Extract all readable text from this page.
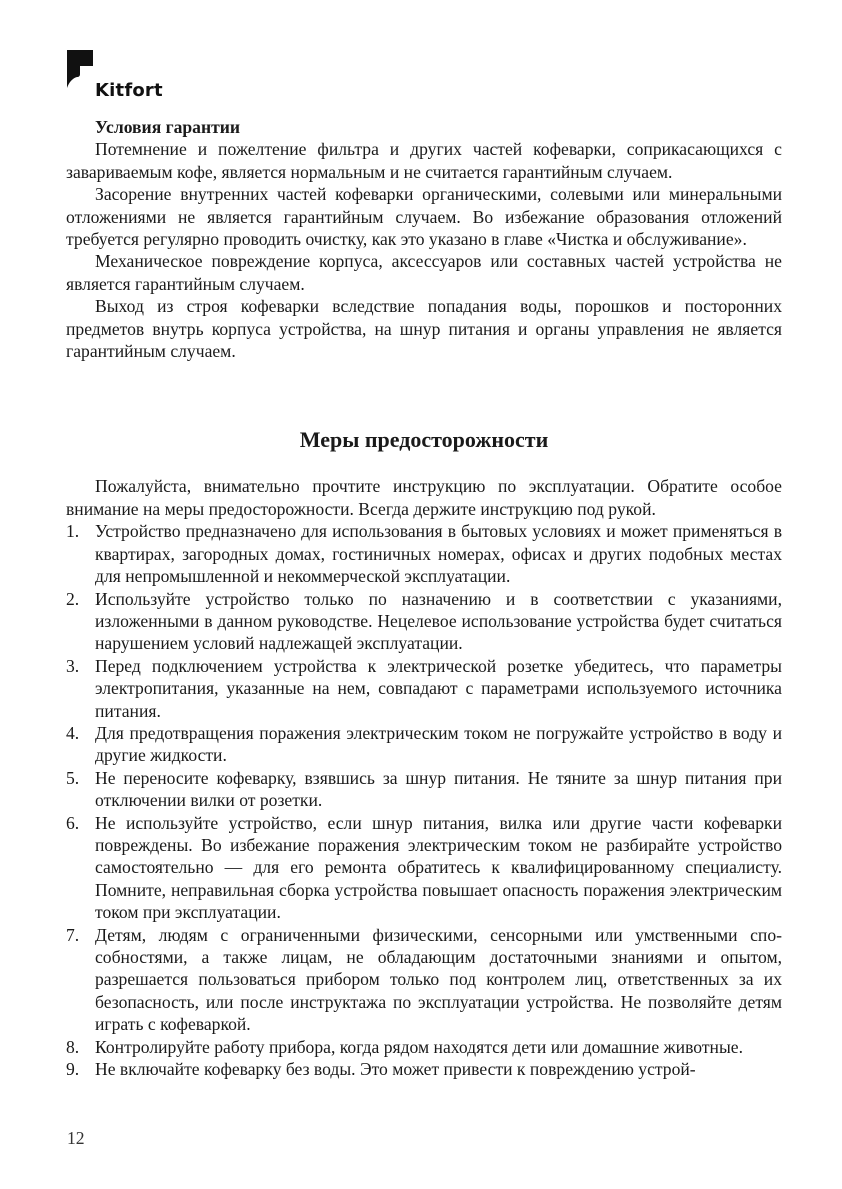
Kitfort
Условия гарантии

Потемнение и пожелтение фильтра и других частей кофеварки, соприкасающихся с завариваемым кофе, является нормальным и не считается гарантийным случаем.

Засорение внутренних частей кофеварки органическими, солевыми или минеральными отложениями не является гарантийным случаем. Во избежание образования отложений требуется регулярно проводить очистку, как это указано в главе «Чистка и обслуживание».

Механическое повреждение корпуса, аксессуаров или составных частей устройства не является гарантийным случаем.

Выход из строя кофеварки вследствие попадания воды, порошков и посторонних предметов внутрь корпуса устройства, на шнур питания и органы управления не является гарантийным случаем.

Меры предосторожности

Пожалуйста, внимательно прочтите инструкцию по эксплуатации. Обратите особое внимание на меры предосторожности. Всегда держите инструкцию под рукой.

1. Устройство предназначено для использования в бытовых условиях и может применяться в квартирах, загородных домах, гостиничных номерах, офисах и других подобных местах для непромышленной и некоммерческой эксплуатации.
2. Используйте устройство только по назначению и в соответствии с указаниями, изложенными в данном руководстве. Нецелевое использование устройства будет считаться нарушением условий надлежащей эксплуатации.
3. Перед подключением устройства к электрической розетке убедитесь, что параметры электропитания, указанные на нем, совпадают с параметрами используемого источника питания.
4. Для предотвращения поражения электрическим током не погружайте устройство в воду и другие жидкости.
5. Не переносите кофеварку, взявшись за шнур питания. Не тяните за шнур питания при отключении вилки от розетки.
6. Не используйте устройство, если шнур питания, вилка или другие части кофеварки повреждены. Во избежание поражения электрическим током не разбирайте устройство самостоятельно — для его ремонта обратитесь к квалифицированному специалисту. Помните, неправильная сборка устройства повышает опасность поражения электрическим током при эксплуатации.
7. Детям, людям с ограниченными физическими, сенсорными или умственными способностями, а также лицам, не обладающим достаточными знаниями и опытом, разрешается пользоваться прибором только под контролем лиц, ответственных за их безопасность, или после инструктажа по эксплуатации устройства. Не позволяйте детям играть с кофеваркой.
8. Контролируйте работу прибора, когда рядом находятся дети или домашние животные.
9. Не включайте кофеварку без воды. Это может привести к повреждению устрой-
12
